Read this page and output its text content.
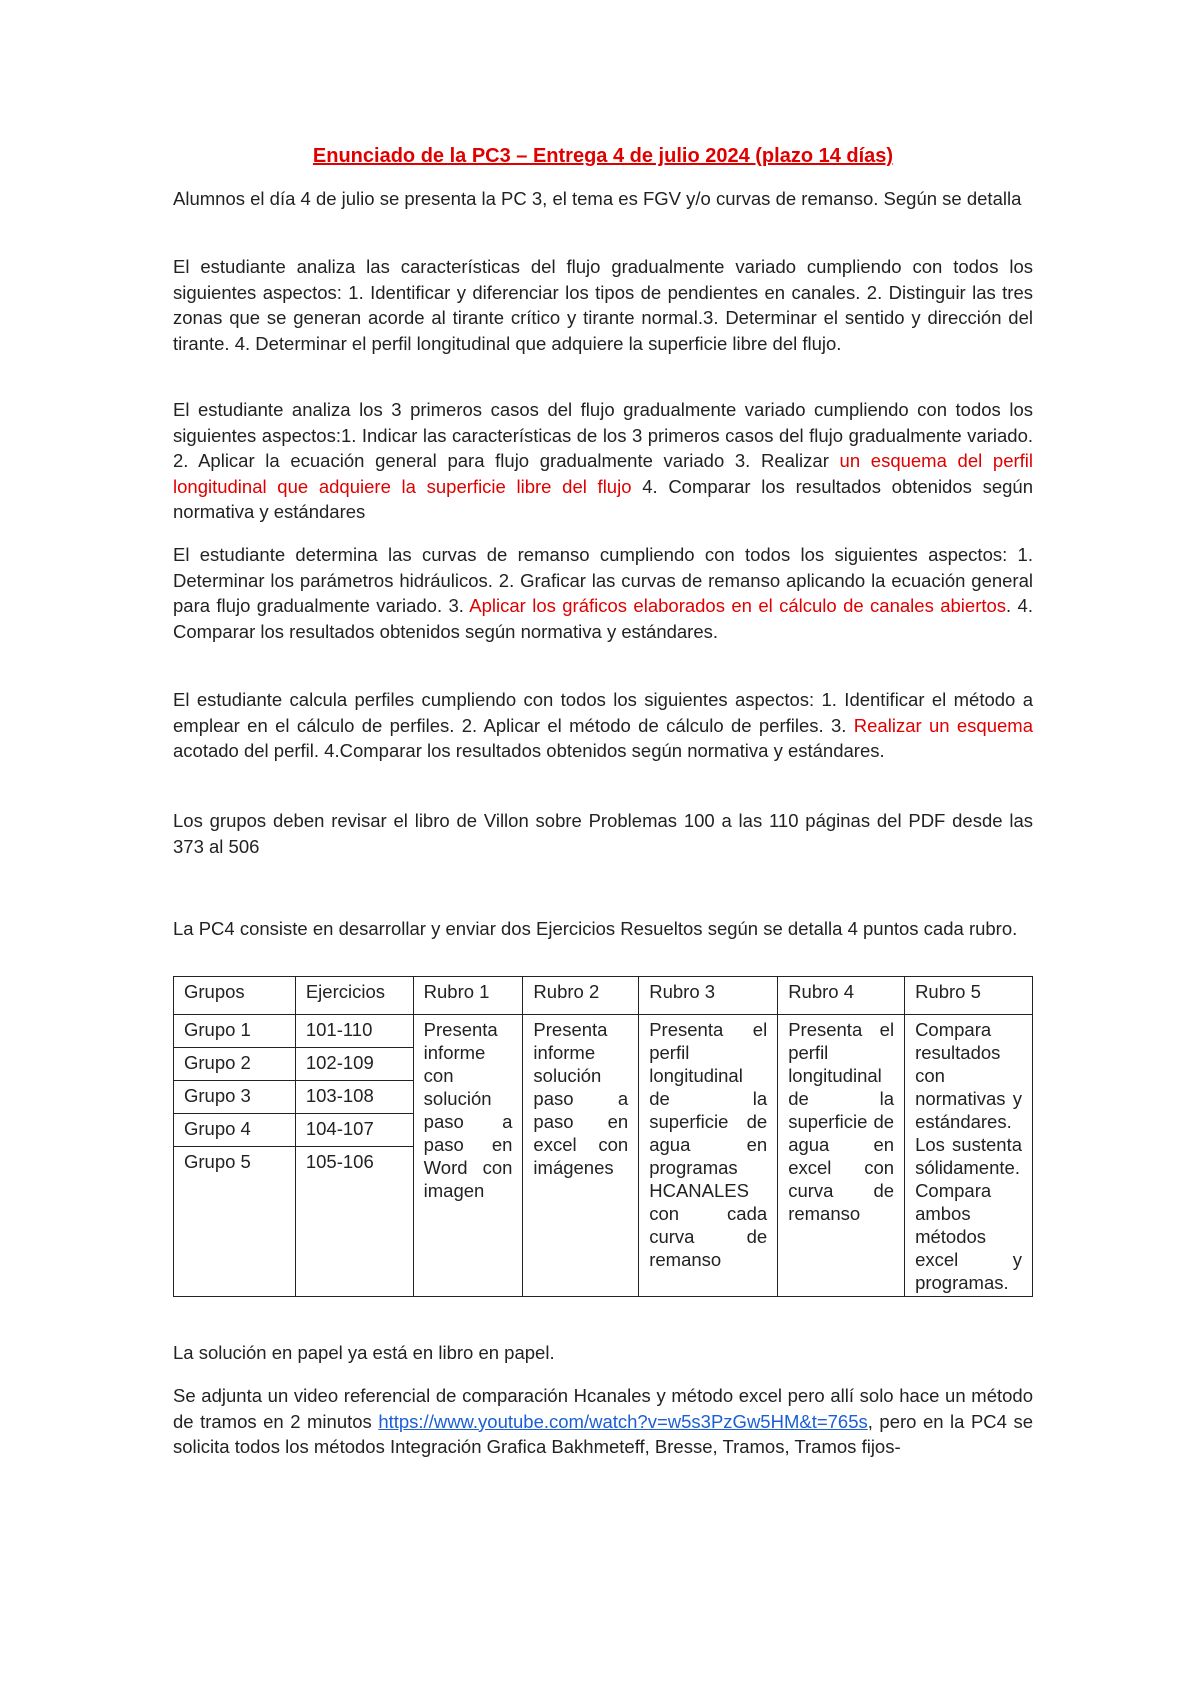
Enunciado de la PC3 – Entrega 4 de julio 2024 (plazo 14 días)
Alumnos el día 4 de julio se presenta la PC 3, el tema es FGV y/o curvas de remanso. Según se detalla
El estudiante analiza las características del flujo gradualmente variado cumpliendo con todos los siguientes aspectos: 1. Identificar y diferenciar los tipos de pendientes en canales. 2. Distinguir las tres zonas que se generan acorde al tirante crítico y tirante normal.3. Determinar el sentido y dirección del tirante. 4. Determinar el perfil longitudinal que adquiere la superficie libre del flujo.
El estudiante analiza los 3 primeros casos del flujo gradualmente variado cumpliendo con todos los siguientes aspectos:1. Indicar las características de los 3 primeros casos del flujo gradualmente variado. 2. Aplicar la ecuación general para flujo gradualmente variado 3. Realizar un esquema del perfil longitudinal que adquiere la superficie libre del flujo 4. Comparar los resultados obtenidos según normativa y estándares
El estudiante determina las curvas de remanso cumpliendo con todos los siguientes aspectos: 1. Determinar los parámetros hidráulicos. 2. Graficar las curvas de remanso aplicando la ecuación general para flujo gradualmente variado. 3. Aplicar los gráficos elaborados en el cálculo de canales abiertos. 4. Comparar los resultados obtenidos según normativa y estándares.
El estudiante calcula perfiles cumpliendo con todos los siguientes aspectos: 1. Identificar el método a emplear en el cálculo de perfiles. 2. Aplicar el método de cálculo de perfiles. 3. Realizar un esquema acotado del perfil. 4.Comparar los resultados obtenidos según normativa y estándares.
Los grupos deben revisar el libro de Villon sobre Problemas 100 a las 110 páginas del PDF desde las 373 al 506
La PC4 consiste en desarrollar y enviar dos Ejercicios Resueltos según se detalla 4 puntos cada rubro.
Grupos	Ejercicios	Rubro 1	Rubro 2	Rubro 3	Rubro 4	Rubro 5
Grupo 1	101-110	Presenta informe con solución paso a paso en Word con imagen	Presenta informe solución paso a paso en excel con imágenes	Presenta el perfil longitudinal de la superficie de agua en programas HCANALES con cada curva de remanso	Presenta el perfil longitudinal de la superficie de agua en excel con curva de remanso	Compara resultados con normativas y estándares. Los sustenta sólidamente. Compara ambos métodos excel y programas.
Grupo 2	102-109					
Grupo 3	103-108					
Grupo 4	104-107					
Grupo 5	105-106					
La solución en papel ya está en libro en papel.
Se adjunta un video referencial de comparación Hcanales y método excel pero allí solo hace un método de tramos en 2 minutos https://www.youtube.com/watch?v=w5s3PzGw5HM&t=765s, pero en la PC4 se solicita todos los métodos Integración Grafica Bakhmeteff, Bresse, Tramos, Tramos fijos-
